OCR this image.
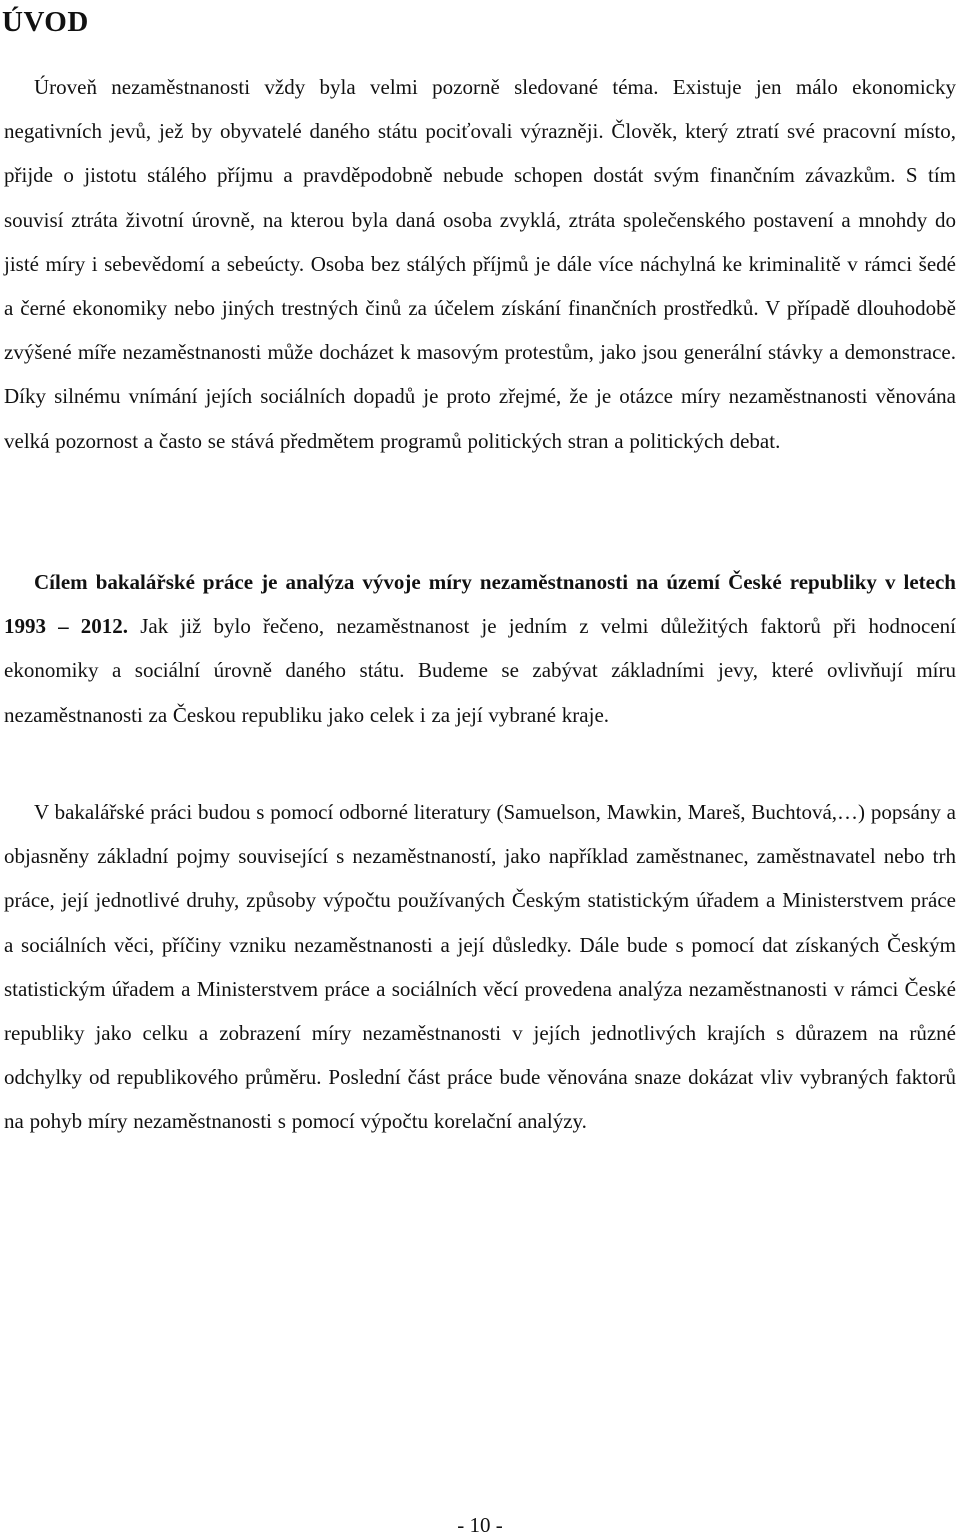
ÚVOD

Úroveň nezaměstnanosti vždy byla velmi pozorně sledované téma. Existuje jen málo ekonomicky negativních jevů, jež by obyvatelé daného státu pociťovali výrazněji. Člověk, který ztratí své pracovní místo, přijde o jistotu stálého příjmu a pravděpodobně nebude schopen dostát svým finančním závazkům. S tím souvisí ztráta životní úrovně, na kterou byla daná osoba zvyklá, ztráta společenského postavení a mnohdy do jisté míry i sebevědomí a sebeúcty. Osoba bez stálých příjmů je dále více náchylná ke kriminalitě v rámci šedé a černé ekonomiky nebo jiných trestných činů za účelem získání finančních prostředků. V případě dlouhodobě zvýšené míře nezaměstnanosti může docházet k masovým protestům, jako jsou generální stávky a demonstrace. Díky silnému vnímání jejích sociálních dopadů je proto zřejmé, že je otázce míry nezaměstnanosti věnována velká pozornost a často se stává předmětem programů politických stran a politických debat.

Cílem bakalářské práce je analýza vývoje míry nezaměstnanosti na území České republiky v letech 1993 – 2012. Jak již bylo řečeno, nezaměstnanost je jedním z velmi důležitých faktorů při hodnocení ekonomiky a sociální úrovně daného státu. Budeme se zabývat základními jevy, které ovlivňují míru nezaměstnanosti za Českou republiku jako celek i za její vybrané kraje.

V bakalářské práci budou s pomocí odborné literatury (Samuelson, Mawkin, Mareš, Buchtová,…) popsány a objasněny základní pojmy související s nezaměstnaností, jako například zaměstnanec, zaměstnavatel nebo trh práce, její jednotlivé druhy, způsoby výpočtu používaných Českým statistickým úřadem a Ministerstvem práce a sociálních věci, příčiny vzniku nezaměstnanosti a její důsledky. Dále bude s pomocí dat získaných Českým statistickým úřadem a Ministerstvem práce a sociálních věcí provedena analýza nezaměstnanosti v rámci České republiky jako celku a zobrazení míry nezaměstnanosti v jejích jednotlivých krajích s důrazem na různé odchylky od republikového průměru. Poslední část práce bude věnována snaze dokázat vliv vybraných faktorů na pohyb míry nezaměstnanosti s pomocí výpočtu korelační analýzy.

- 10 -
